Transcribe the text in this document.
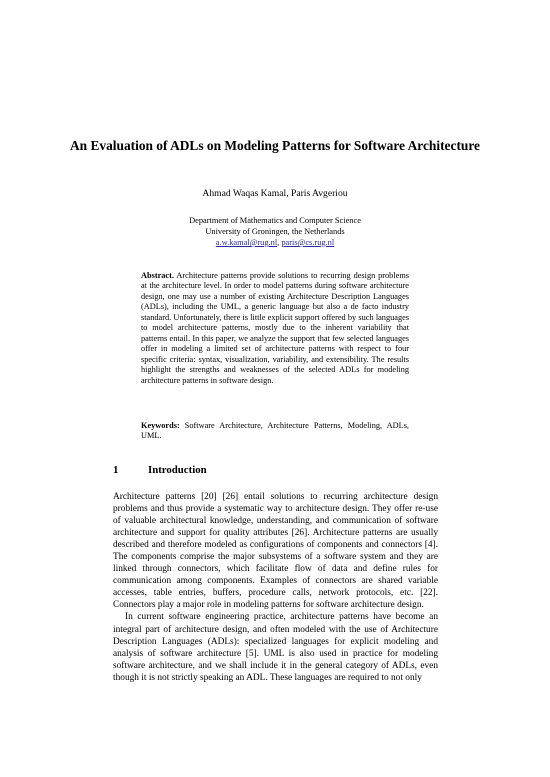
An Evaluation of ADLs on Modeling Patterns for Software Architecture
Ahmad Waqas Kamal, Paris Avgeriou
Department of Mathematics and Computer Science
University of Groningen, the Netherlands
a.w.kamal@rug.nl, paris@cs.rug.nl
Abstract. Architecture patterns provide solutions to recurring design problems at the architecture level. In order to model patterns during software architecture design, one may use a number of existing Architecture Description Languages (ADLs), including the UML, a generic language but also a de facto industry standard. Unfortunately, there is little explicit support offered by such languages to model architecture patterns, mostly due to the inherent variability that patterns entail. In this paper, we analyze the support that few selected languages offer in modeling a limited set of architecture patterns with respect to four specific criteria: syntax, visualization, variability, and extensibility. The results highlight the strengths and weaknesses of the selected ADLs for modeling architecture patterns in software design.
Keywords: Software Architecture, Architecture Patterns, Modeling, ADLs, UML.
1	Introduction

Architecture patterns [20] [26] entail solutions to recurring architecture design problems and thus provide a systematic way to architecture design. They offer re-use of valuable architectural knowledge, understanding, and communication of software architecture and support for quality attributes [26]. Architecture patterns are usually described and therefore modeled as configurations of components and connectors [4]. The components comprise the major subsystems of a software system and they are linked through connectors, which facilitate flow of data and define rules for communication among components. Examples of connectors are shared variable accesses, table entries, buffers, procedure calls, network protocols, etc. [22]. Connectors play a major role in modeling patterns for software architecture design.

In current software engineering practice, architecture patterns have become an integral part of architecture design, and often modeled with the use of Architecture Description Languages (ADLs): specialized languages for explicit modeling and analysis of software architecture [5]. UML is also used in practice for modeling software architecture, and we shall include it in the general category of ADLs, even though it is not strictly speaking an ADL. These languages are required to not only
